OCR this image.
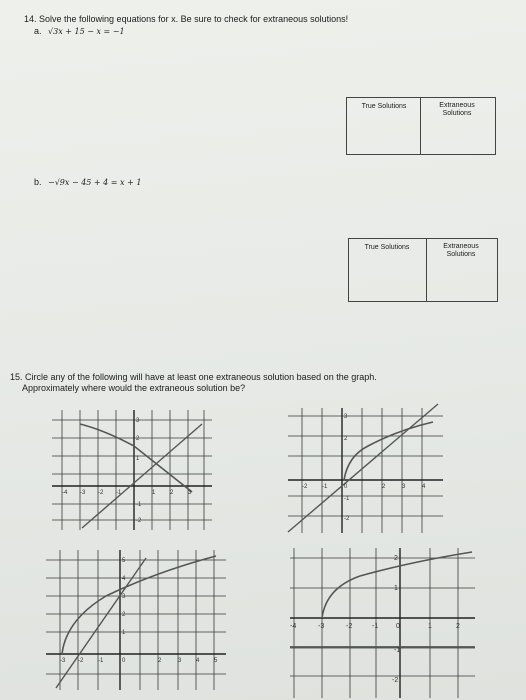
14. Solve the following equations for x. Be sure to check for extraneous solutions!
a. √3x + 15 − x = −1
True Solutions	Extraneous Solutions
b. −√9x − 45 + 4 = x + 1
True Solutions	Extraneous Solutions
15. Circle any of the following will have at least one extraneous solution based on the graph.
Approximately where would the extraneous solution be?
-4 -3 -2 -1	1 2 3
3
2
1
-1
-2
-2 -1	0	2	3	4
3
2
-1
-2
-3 -2 -1	0	2	3 4 5
5
4
3
2
1
-4	-3	-2	-1	0	1	2
2
1
-1
-2
